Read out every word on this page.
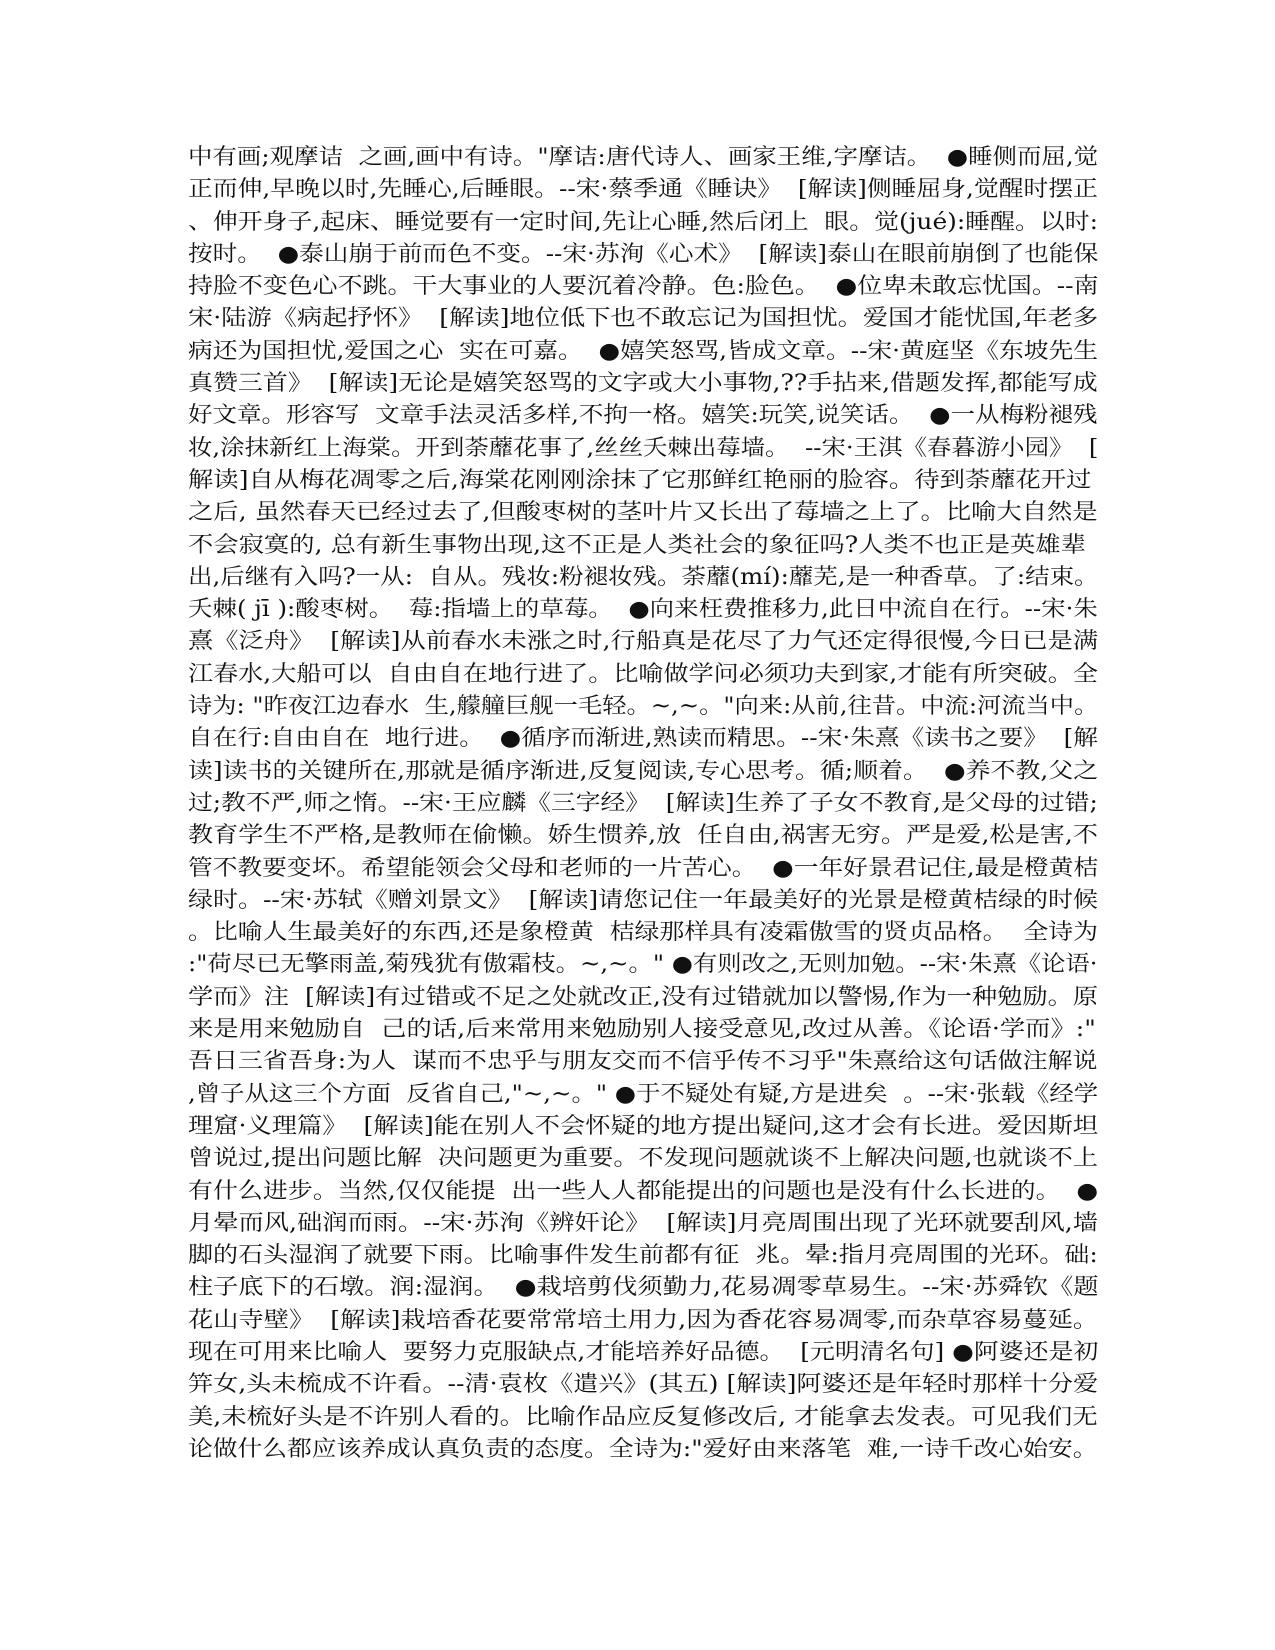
中有画;观摩诘  之画,画中有诗。"摩诘:唐代诗人、画家王维,字摩诘。  ●睡侧而屈,觉
正而伸,早晚以时,先睡心,后睡眼。--宋·蔡季通《睡诀》  [解读]侧睡屈身,觉醒时摆正
、伸开身子,起床、睡觉要有一定时间,先让心睡,然后闭上  眼。觉(jué):睡醒。以时:
按时。  ●泰山崩于前而色不变。--宋·苏洵《心术》  [解读]泰山在眼前崩倒了也能保
持脸不变色心不跳。干大事业的人要沉着冷静。色:脸色。  ●位卑未敢忘忧国。--南
宋·陆游《病起抒怀》  [解读]地位低下也不敢忘记为国担忧。爱国才能忧国,年老多
病还为国担忧,爱国之心  实在可嘉。  ●嬉笑怒骂,皆成文章。--宋·黄庭坚《东坡先生
真赞三首》  [解读]无论是嬉笑怒骂的文字或大小事物,??手拈来,借题发挥,都能写成
好文章。形容写  文章手法灵活多样,不拘一格。嬉笑:玩笑,说笑话。  ●一从梅粉褪残
妆,涂抹新红上海棠。开到荼蘼花事了,丝丝夭棘出莓墙。  --宋·王淇《春暮游小园》  [
解读]自从梅花凋零之后,海棠花刚刚涂抹了它那鲜红艳丽的脸容。待到荼蘼花开过
之后, 虽然春天已经过去了,但酸枣树的茎叶片又长出了莓墙之上了。比喻大自然是
不会寂寞的, 总有新生事物出现,这不正是人类社会的象征吗?人类不也正是英雄辈
出,后继有入吗?一从:  自从。残妆:粉褪妆残。荼蘼(mí):蘼芜,是一种香草。了:结束。
夭棘( jī ):酸枣树。  莓:指墙上的草莓。  ●向来枉费推移力,此日中流自在行。--宋·朱
熹《泛舟》  [解读]从前春水未涨之时,行船真是花尽了力气还定得很慢,今日已是满
江春水,大船可以  自由自在地行进了。比喻做学问必须功夫到家,才能有所突破。全
诗为: "昨夜江边春水  生,艨艟巨舰一毛轻。~,~。"向来:从前,往昔。中流:河流当中。
自在行:自由自在  地行进。  ●循序而渐进,熟读而精思。--宋·朱熹《读书之要》  [解
读]读书的关键所在,那就是循序渐进,反复阅读,专心思考。循;顺着。  ●养不教,父之
过;教不严,师之惰。--宋·王应麟《三字经》  [解读]生养了子女不教育,是父母的过错;
教育学生不严格,是教师在偷懒。娇生惯养,放  任自由,祸害无穷。严是爱,松是害,不
管不教要变坏。希望能领会父母和老师的一片苦心。  ●一年好景君记住,最是橙黄桔
绿时。--宋·苏轼《赠刘景文》  [解读]请您记住一年最美好的光景是橙黄桔绿的时候
。比喻人生最美好的东西,还是象橙黄  桔绿那样具有凌霜傲雪的贤贞品格。  全诗为
:"荷尽已无擎雨盖,菊残犹有傲霜枝。~,~。" ●有则改之,无则加勉。--宋·朱熹《论语·
学而》注  [解读]有过错或不足之处就改正,没有过错就加以警惕,作为一种勉励。原
来是用来勉励自  己的话,后来常用来勉励别人接受意见,改过从善。《论语·学而》:"
吾日三省吾身:为人  谋而不忠乎与朋友交而不信乎传不习乎"朱熹给这句话做注解说
,曾子从这三个方面  反省自己,"~,~。" ●于不疑处有疑,方是进矣  。--宋·张载《经学
理窟·义理篇》  [解读]能在别人不会怀疑的地方提出疑问,这才会有长进。爱因斯坦
曾说过,提出问题比解  决问题更为重要。不发现问题就谈不上解决问题,也就谈不上
有什么进步。当然,仅仅能提  出一些人人都能提出的问题也是没有什么长进的。  ●
月晕而风,础润而雨。--宋·苏洵《辨奸论》  [解读]月亮周围出现了光环就要刮风,墙
脚的石头湿润了就要下雨。比喻事件发生前都有征  兆。晕:指月亮周围的光环。础:
柱子底下的石墩。润:湿润。  ●栽培剪伐须勤力,花易凋零草易生。--宋·苏舜钦《题
花山寺壁》  [解读]栽培香花要常常培土用力,因为香花容易凋零,而杂草容易蔓延。
现在可用来比喻人  要努力克服缺点,才能培养好品德。  [元明清名句] ●阿婆还是初
笄女,头未梳成不许看。--清·袁枚《遣兴》(其五) [解读]阿婆还是年轻时那样十分爱
美,未梳好头是不许别人看的。比喻作品应反复修改后, 才能拿去发表。可见我们无
论做什么都应该养成认真负责的态度。全诗为:"爱好由来落笔  难,一诗千改心始安。
